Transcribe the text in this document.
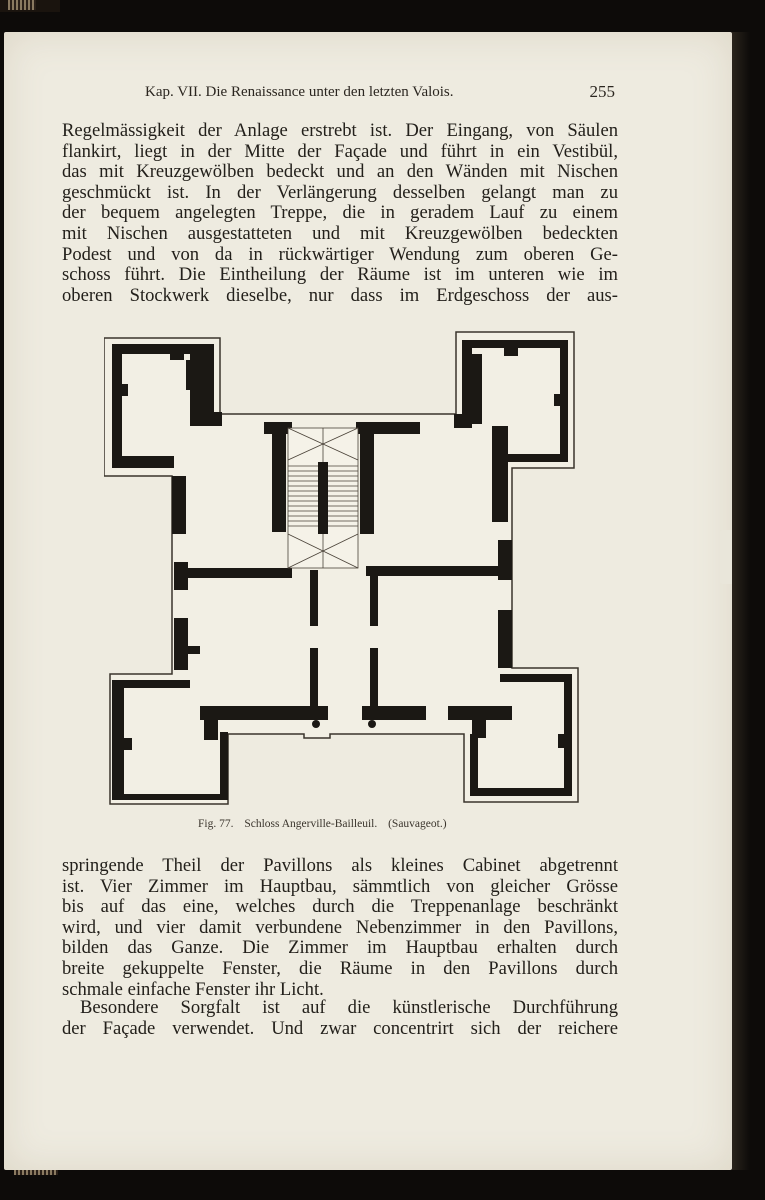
Kap. VII. Die Renaissance unter den letzten Valois.	255
Regelmässigkeit der Anlage erstrebt ist. Der Eingang, von Säulen
flankirt, liegt in der Mitte der Façade und führt in ein Vestibül,
das mit Kreuzgewölben bedeckt und an den Wänden mit Nischen
geschmückt ist. In der Verlängerung desselben gelangt man zu
der bequem angelegten Treppe, die in geradem Lauf zu einem
mit Nischen ausgestatteten und mit Kreuzgewölben bedeckten
Podest und von da in rückwärtiger Wendung zum oberen Ge-
schoss führt. Die Eintheilung der Räume ist im unteren wie im
oberen Stockwerk dieselbe, nur dass im Erdgeschoss der aus-
Fig. 77. Schloss Angerville-Bailleuil. (Sauvageot.)
springende Theil der Pavillons als kleines Cabinet abgetrennt
ist. Vier Zimmer im Hauptbau, sämmtlich von gleicher Grösse
bis auf das eine, welches durch die Treppenanlage beschränkt
wird, und vier damit verbundene Nebenzimmer in den Pavillons,
bilden das Ganze. Die Zimmer im Hauptbau erhalten durch
breite gekuppelte Fenster, die Räume in den Pavillons durch
schmale einfache Fenster ihr Licht.
Besondere Sorgfalt ist auf die künstlerische Durchführung
der Façade verwendet. Und zwar concentrirt sich der reichere
